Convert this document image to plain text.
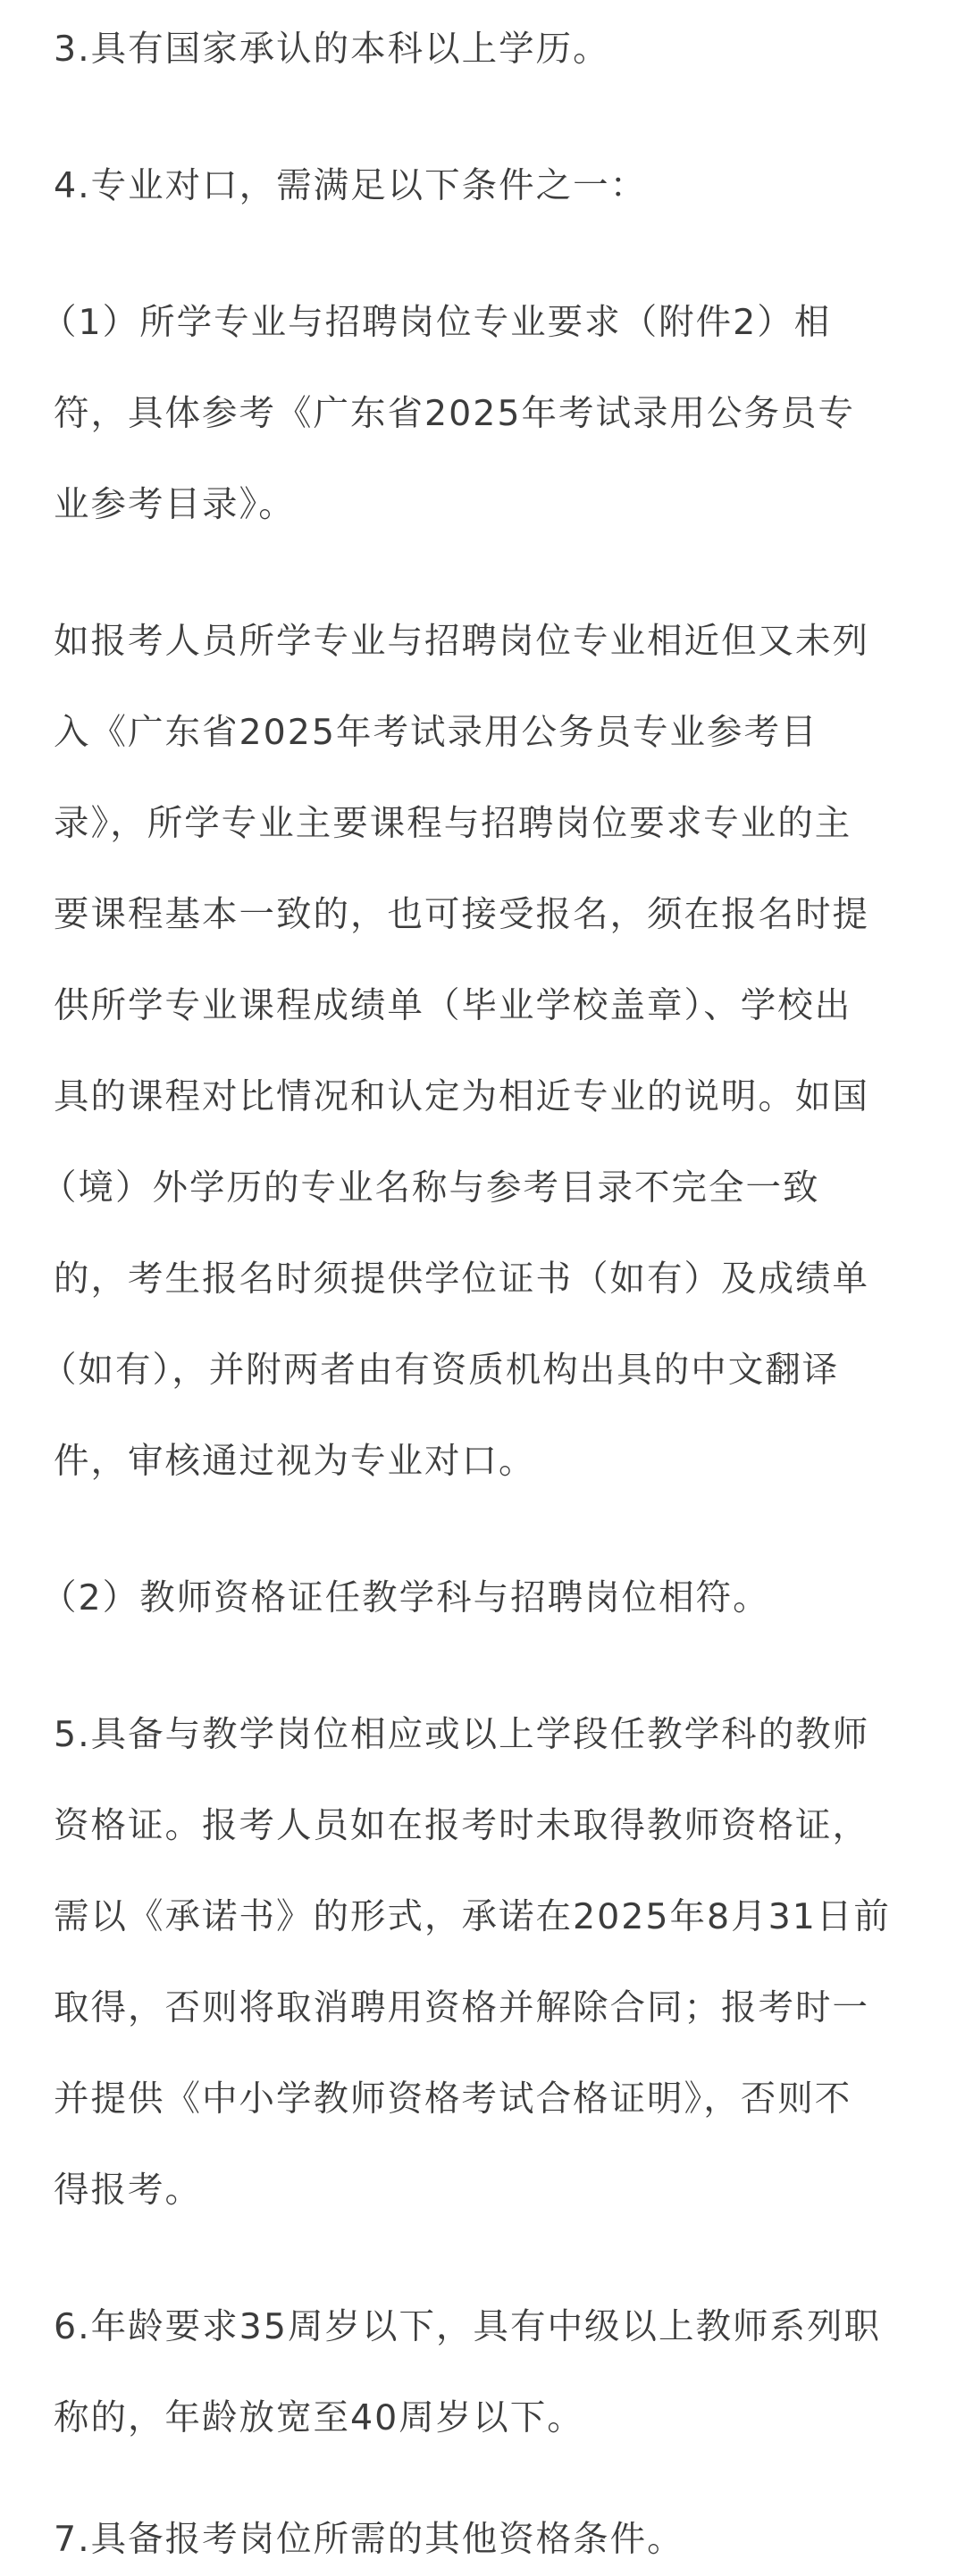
3.具有国家承认的本科以上学历。
4.专业对口，需满足以下条件之一：
（1）所学专业与招聘岗位专业要求（附件2）相
符，具体参考《广东省2025年考试录用公务员专
业参考目录》。
如报考人员所学专业与招聘岗位专业相近但又未列
入《广东省2025年考试录用公务员专业参考目
录》，所学专业主要课程与招聘岗位要求专业的主
要课程基本一致的，也可接受报名，须在报名时提
供所学专业课程成绩单（毕业学校盖章）、学校出
具的课程对比情况和认定为相近专业的说明。如国
（境）外学历的专业名称与参考目录不完全一致
的，考生报名时须提供学位证书（如有）及成绩单
（如有），并附两者由有资质机构出具的中文翻译
件，审核通过视为专业对口。
（2）教师资格证任教学科与招聘岗位相符。
5.具备与教学岗位相应或以上学段任教学科的教师
资格证。报考人员如在报考时未取得教师资格证，
需以《承诺书》的形式，承诺在2025年8月31日前
取得，否则将取消聘用资格并解除合同；报考时一
并提供《中小学教师资格考试合格证明》，否则不
得报考。
6.年龄要求35周岁以下，具有中级以上教师系列职
称的，年龄放宽至40周岁以下。
7.具备报考岗位所需的其他资格条件。
